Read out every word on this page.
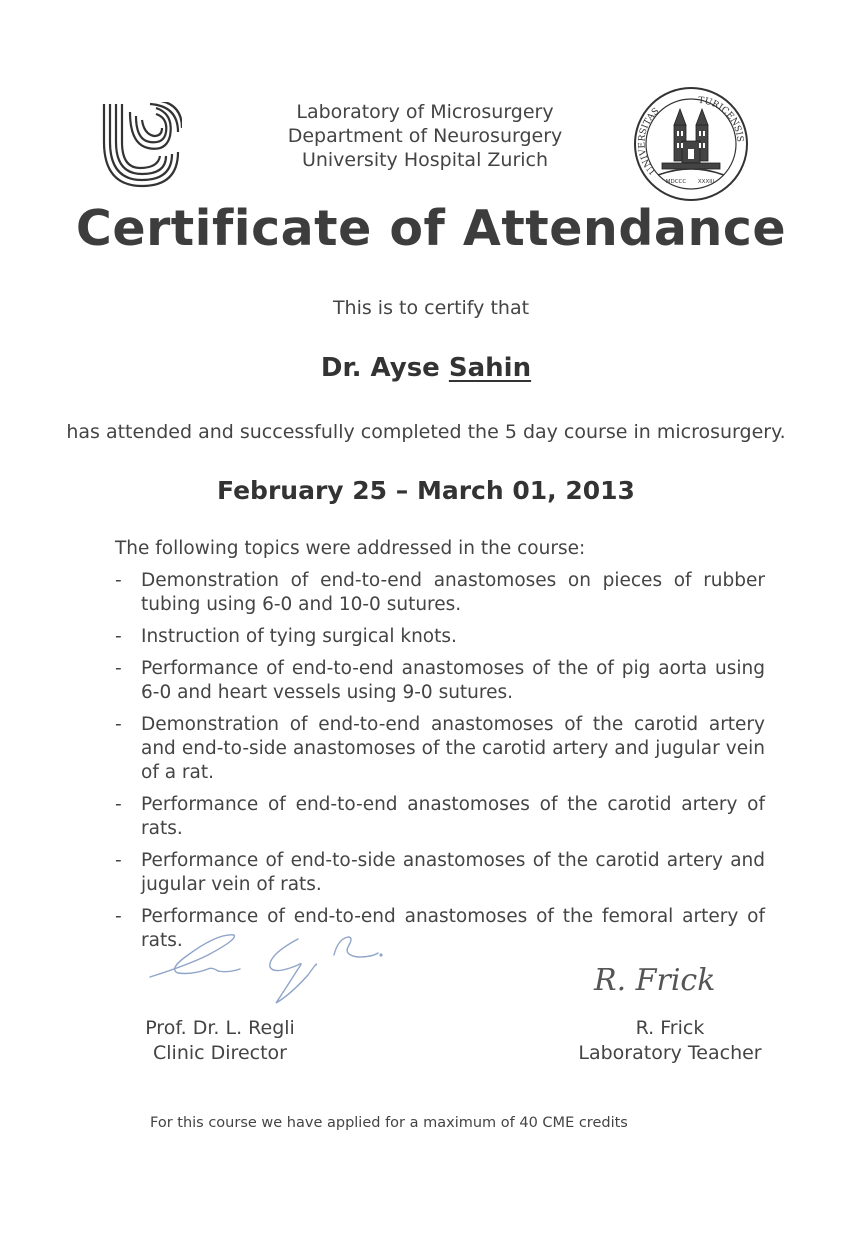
Laboratory of Microsurgery
Department of Neurosurgery
University Hospital Zurich	UNIVERSITAS
TURICENSIS
MDCCC XXXIII
Certificate of Attendance
This is to certify that
Dr. Ayse Sahin
has attended and successfully completed the 5 day course in microsurgery.
February 25 – March 01, 2013
The following topics were addressed in the course:
- Demonstration of end-to-end anastomoses on pieces of rubber tubing using 6-0 and 10-0 sutures.
- Instruction of tying surgical knots.
- Performance of end-to-end anastomoses of the of pig aorta using 6-0 and heart vessels using 9-0 sutures.
- Demonstration of end-to-end anastomoses of the carotid artery and end-to-side anastomoses of the carotid artery and jugular vein of a rat.
- Performance of end-to-end anastomoses of the carotid artery of rats.
- Performance of end-to-side anastomoses of the carotid artery and jugular vein of rats.
- Performance of end-to-end anastomoses of the femoral artery of rats.
R. Frick
Prof. Dr. L. Regli
Clinic Director
R. Frick
Laboratory Teacher
For this course we have applied for a maximum of 40 CME credits
